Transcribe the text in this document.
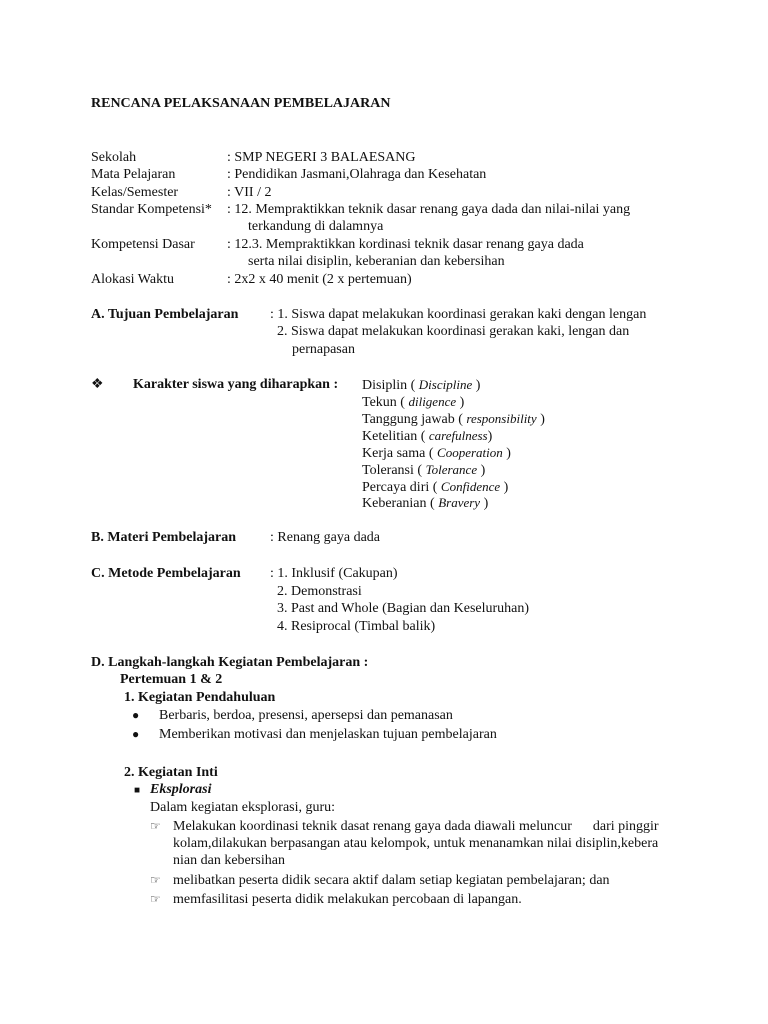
RENCANA PELAKSANAAN PEMBELAJARAN
Sekolah	: SMP NEGERI 3 BALAESANG
Mata Pelajaran	: Pendidikan Jasmani,Olahraga dan Kesehatan
Kelas/Semester	: VII / 2
Standar Kompetensi* : 12. Mempraktikkan teknik dasar renang gaya dada dan nilai-nilai yang
terkandung di dalamnya
Kompetensi Dasar : 12.3. Mempraktikkan kordinasi teknik dasar renang gaya dada
serta nilai disiplin, keberanian dan kebersihan
Alokasi Waktu	: 2x2 x 40 menit (2 x pertemuan)
A. Tujuan Pembelajaran : 1. Siswa dapat melakukan koordinasi gerakan kaki dengan lengan
2. Siswa dapat melakukan koordinasi gerakan kaki, lengan dan
pernapasan
❖ Karakter siswa yang diharapkan : Disiplin ( Discipline )
Tekun ( diligence )
Tanggung jawab ( responsibility )
Ketelitian ( carefulness)
Kerja sama ( Cooperation )
Toleransi ( Tolerance )
Percaya diri ( Confidence )
Keberanian ( Bravery )
B. Materi Pembelajaran : Renang gaya dada
C. Metode Pembelajaran : 1. Inklusif (Cakupan)
2. Demonstrasi
3. Past and Whole (Bagian dan Keseluruhan)
4. Resiprocal (Timbal balik)
D. Langkah-langkah Kegiatan Pembelajaran :
Pertemuan 1 & 2
1. Kegiatan Pendahuluan
● Berbaris, berdoa, presensi, apersepsi dan pemanasan
● Memberikan motivasi dan menjelaskan tujuan pembelajaran
2. Kegiatan Inti
■ Eksplorasi
Dalam kegiatan eksplorasi, guru:
☞ Melakukan koordinasi teknik dasat renang gaya dada diawali meluncur      dari pinggir
kolam,dilakukan berpasangan atau kelompok, untuk menanamkan nilai disiplin,kebera
nian dan kebersihan
☞ melibatkan peserta didik secara aktif dalam setiap kegiatan pembelajaran; dan
☞ memfasilitasi peserta didik melakukan percobaan di lapangan.
